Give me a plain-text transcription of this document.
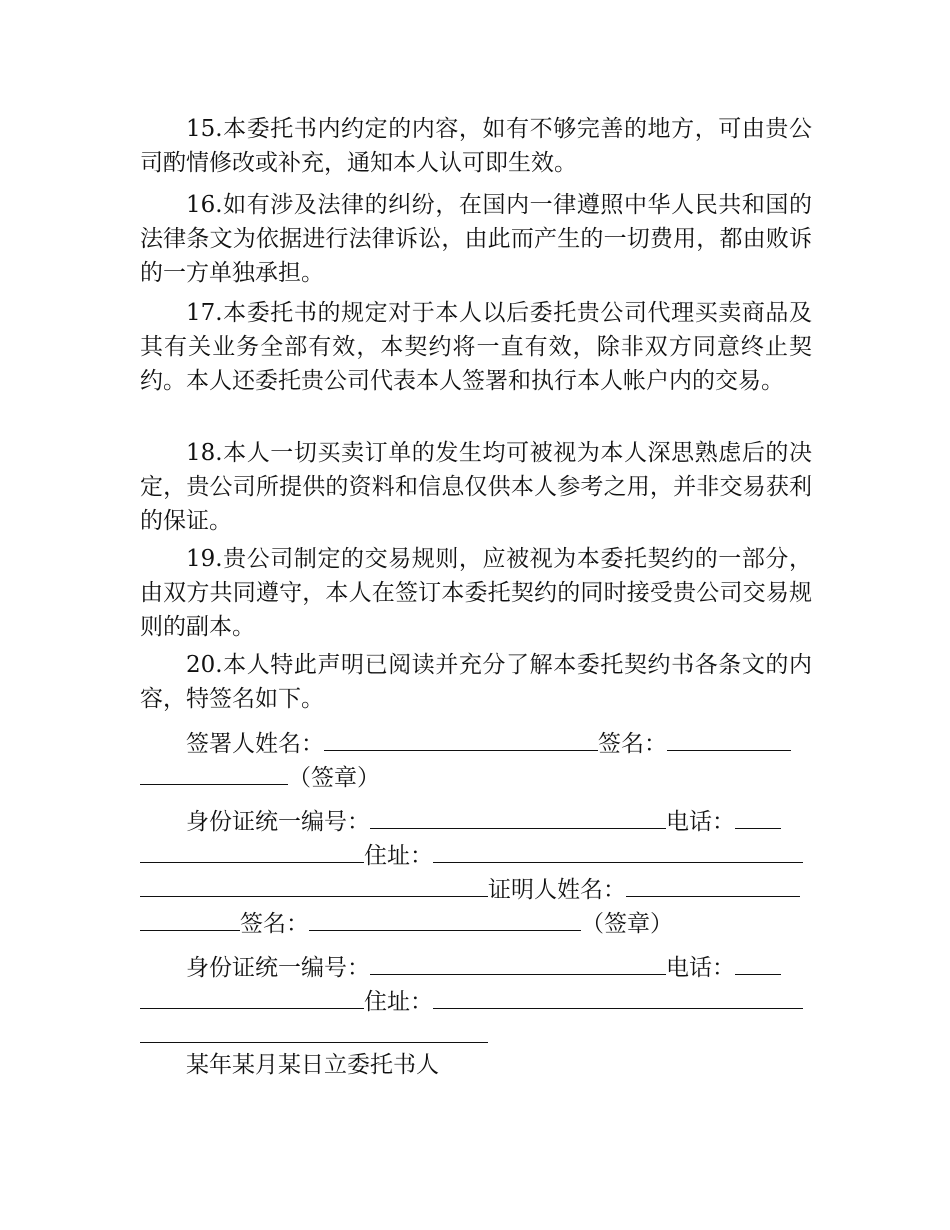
15.本委托书内约定的内容，如有不够完善的地方，可由贵公司酌情修改或补充，通知本人认可即生效。

16.如有涉及法律的纠纷，在国内一律遵照中华人民共和国的法律条文为依据进行法律诉讼，由此而产生的一切费用，都由败诉的一方单独承担。

17.本委托书的规定对于本人以后委托贵公司代理买卖商品及其有关业务全部有效，本契约将一直有效，除非双方同意终止契约。本人还委托贵公司代表本人签署和执行本人帐户内的交易。

18.本人一切买卖订单的发生均可被视为本人深思熟虑后的决定，贵公司所提供的资料和信息仅供本人参考之用，并非交易获利的保证。

19.贵公司制定的交易规则，应被视为本委托契约的一部分，由双方共同遵守，本人在签订本委托契约的同时接受贵公司交易规则的副本。

20.本人特此声明已阅读并充分了解本委托契约书各条文的内容，特签名如下。

签署人姓名：	签名：
（签章）
身份证统一编号：	电话：
住址：
证明人姓名：
签名：	（签章）
身份证统一编号：	电话：
住址：
某年某月某日立委托书人
